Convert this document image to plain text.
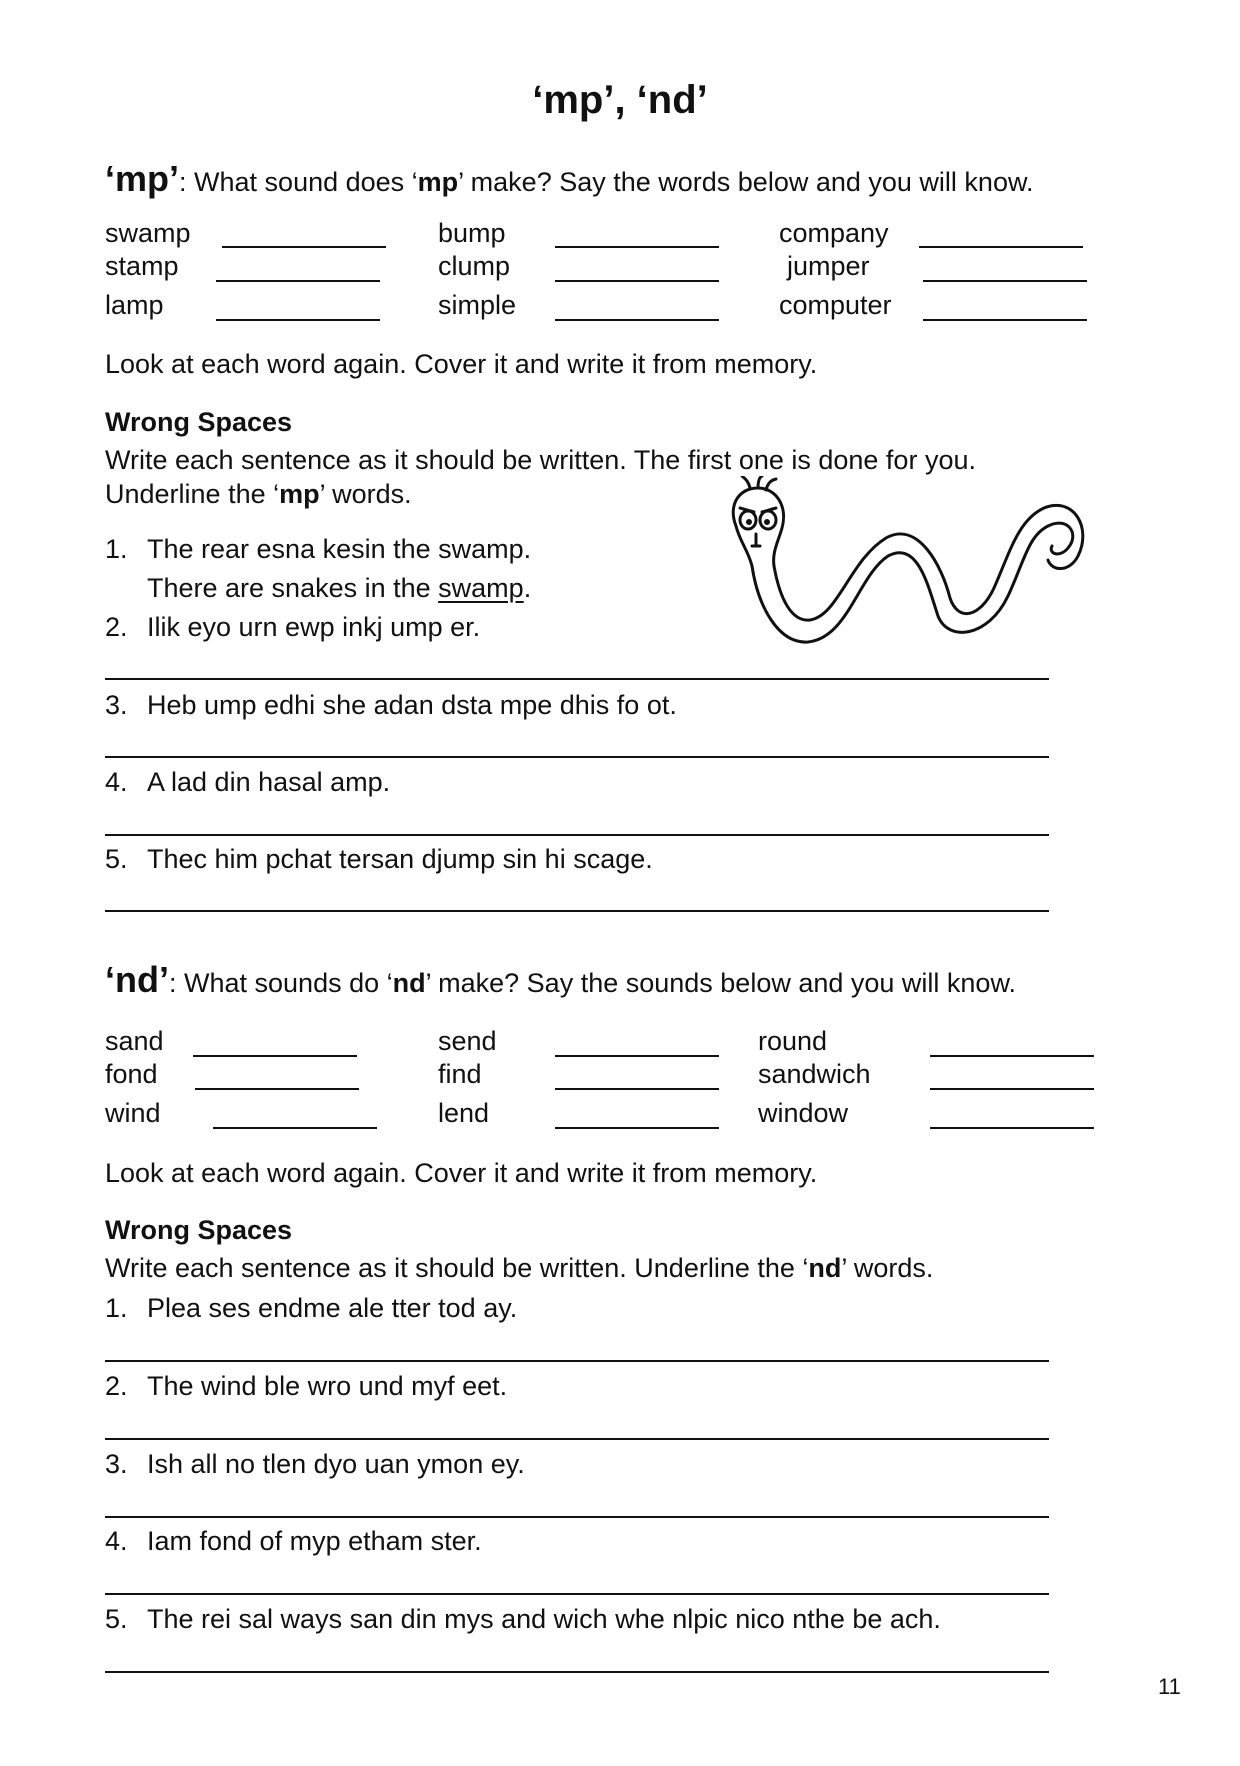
‘mp’, ‘nd’
‘mp’: What sound does ‘mp’ make? Say the words below and you will know.
swamp
stamp
lamp
bump
clump
simple
company
jumper
computer
Look at each word again. Cover it and write it from memory.
Wrong Spaces
Write each sentence as it should be written. The first one is done for you.
Underline the ‘mp’ words.
1. The rear esna kesin the swamp.
There are snakes in the swamp.
2. Ilik eyo urn ewp inkj ump er.
3. Heb ump edhi she adan dsta mpe dhis fo ot.
4. A lad din hasal amp.
5. Thec him pchat tersan djump sin hi scage.
‘nd’: What sounds do ‘nd’ make? Say the sounds below and you will know.
sand
fond
wind
send
find
lend
round
sandwich
window
Look at each word again. Cover it and write it from memory.
Wrong Spaces
Write each sentence as it should be written. Underline the ‘nd’ words.
1. Plea ses endme ale tter tod ay.
2. The wind ble wro und myf eet.
3. Ish all no tlen dyo uan ymon ey.
4. Iam fond of myp etham ster.
5. The rei sal ways san din mys and wich whe nlpic nico nthe be ach.
11
